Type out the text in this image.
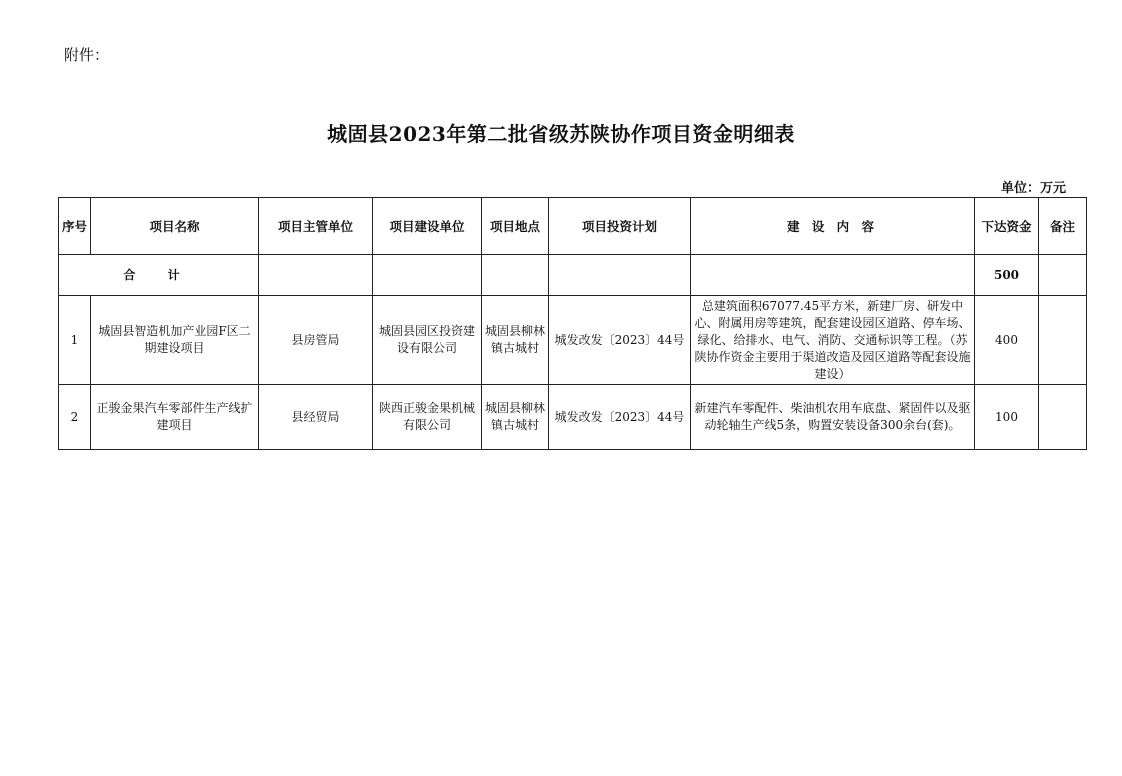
附件：
城固县2023年第二批省级苏陕协作项目资金明细表
单位：万元
序号	项目名称	项目主管单位	项目建设单位	项目地点	项目投资计划	建 设 内 容	下达资金	备注
合 计							500	
1	城固县智造机加产业园F区二期建设项目	县房管局	城固县园区投资建设有限公司	城固县柳林镇古城村	城发改发〔2023〕44号	总建筑面积67077.45平方米，新建厂房、研发中心、附属用房等建筑，配套建设园区道路、停车场、绿化、给排水、电气、消防、交通标识等工程。（苏陕协作资金主要用于渠道改造及园区道路等配套设施建设）	400	
2	正骏金果汽车零部件生产线扩建项目	县经贸局	陕西正骏金果机械有限公司	城固县柳林镇古城村	城发改发〔2023〕44号	新建汽车零配件、柴油机农用车底盘、紧固件以及驱动轮轴生产线5条，购置安装设备300余台(套)。	100	
